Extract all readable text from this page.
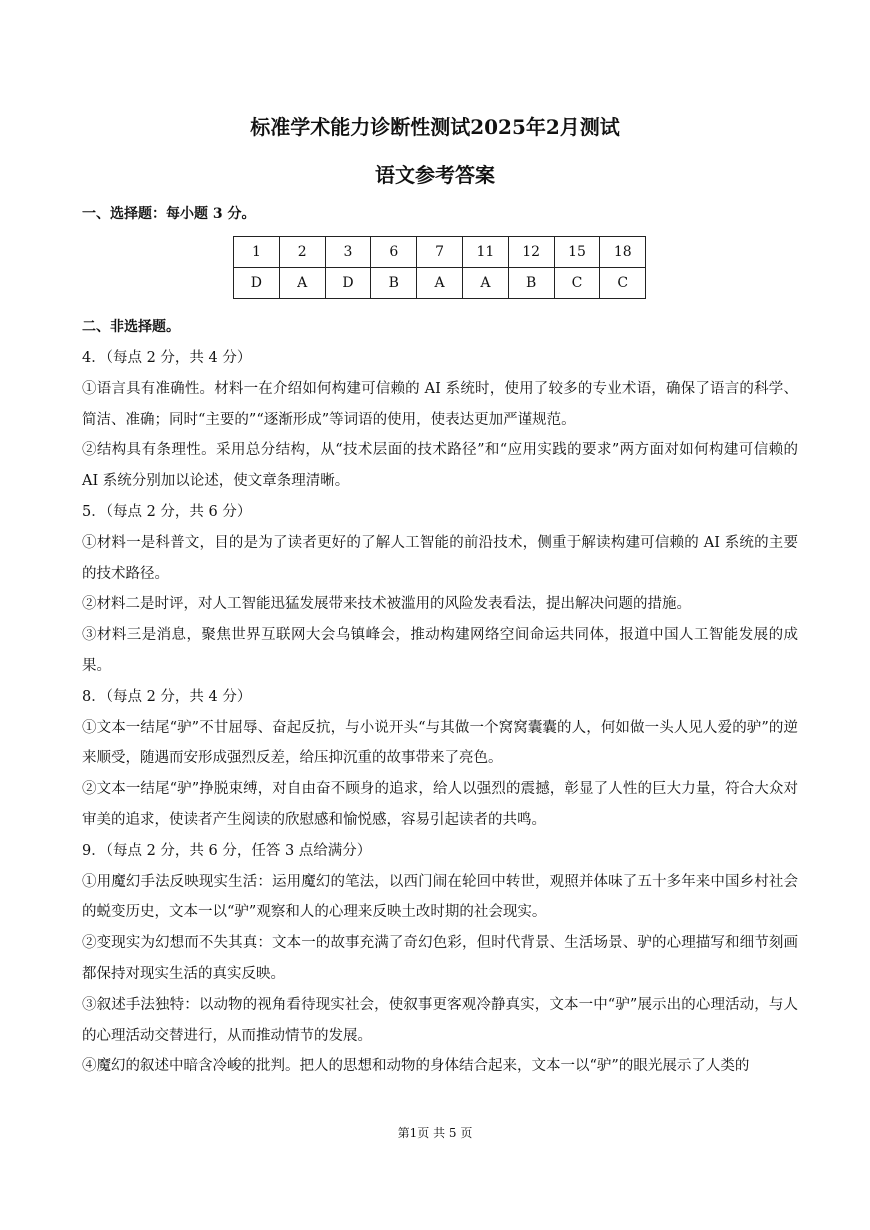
标准学术能力诊断性测试2025年2月测试
语文参考答案
一、选择题：每小题 3 分。
1	2	3	6	7	11	12	15	18
D	A	D	B	A	A	B	C	C
二、非选择题。

4．（每点 2 分，共 4 分）

①语言具有准确性。材料一在介绍如何构建可信赖的 AI 系统时，使用了较多的专业术语，确保了语言的科学、简洁、准确；同时“主要的”“逐渐形成”等词语的使用，使表达更加严谨规范。

②结构具有条理性。采用总分结构，从“技术层面的技术路径”和“应用实践的要求”两方面对如何构建可信赖的 AI 系统分别加以论述，使文章条理清晰。

5．（每点 2 分，共 6 分）

①材料一是科普文，目的是为了读者更好的了解人工智能的前沿技术，侧重于解读构建可信赖的 AI 系统的主要的技术路径。

②材料二是时评，对人工智能迅猛发展带来技术被滥用的风险发表看法，提出解决问题的措施。

③材料三是消息，聚焦世界互联网大会乌镇峰会，推动构建网络空间命运共同体，报道中国人工智能发展的成果。

8．（每点 2 分，共 4 分）

①文本一结尾“驴”不甘屈辱、奋起反抗，与小说开头“与其做一个窝窝囊囊的人，何如做一头人见人爱的驴”的逆来顺受，随遇而安形成强烈反差，给压抑沉重的故事带来了亮色。

②文本一结尾“驴”挣脱束缚，对自由奋不顾身的追求，给人以强烈的震撼，彰显了人性的巨大力量，符合大众对审美的追求，使读者产生阅读的欣慰感和愉悦感，容易引起读者的共鸣。

9．（每点 2 分，共 6 分，任答 3 点给满分）

①用魔幻手法反映现实生活：运用魔幻的笔法，以西门闹在轮回中转世，观照并体味了五十多年来中国乡村社会的蜕变历史，文本一以“驴”观察和人的心理来反映土改时期的社会现实。

②变现实为幻想而不失其真：文本一的故事充满了奇幻色彩，但时代背景、生活场景、驴的心理描写和细节刻画都保持对现实生活的真实反映。

③叙述手法独特：以动物的视角看待现实社会，使叙事更客观冷静真实，文本一中“驴”展示出的心理活动，与人的心理活动交替进行，从而推动情节的发展。

④魔幻的叙述中暗含冷峻的批判。把人的思想和动物的身体结合起来，文本一以“驴”的眼光展示了人类的

第1页 共 5 页
